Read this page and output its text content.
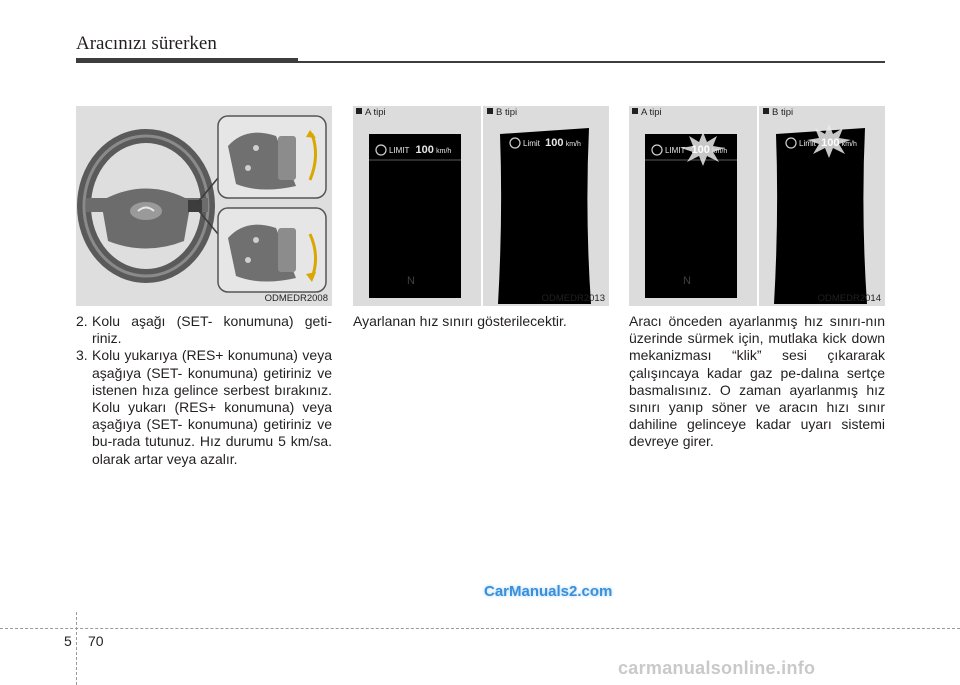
Aracınızı sürerken
ODMEDR2008
N
A tipi	B tipi
LIMIT 100 km/h
Limit 100 km/h
ODMEDR2013
N
A tipi	B tipi
LIMIT 100 km/h
Limit 100 km/h
ODMEDR2014
2. Kolu aşağı (SET- konumuna) geti-riniz.
3. Kolu yukarıya (RES+ konumuna) veya aşağıya (SET- konumuna) getiriniz ve istenen hıza gelince serbest bırakınız. Kolu yukarı (RES+ konumuna) veya aşağıya (SET- konumuna) getiriniz ve bu-rada tutunuz. Hız durumu 5 km/sa. olarak artar veya azalır.
Ayarlanan hız sınırı gösterilecektir.	Aracı önceden ayarlanmış hız sınırı-nın üzerinde sürmek için, mutlaka kick down mekanizması “klik” sesi çıkararak çalışıncaya kadar gaz pe-dalına sertçe basmalısınız. O zaman ayarlanmış hız sınırı yanıp söner ve aracın hızı sınır dahiline gelinceye kadar uyarı sistemi devreye girer.
CarManuals2.com
5 70
carmanualsonline.info
